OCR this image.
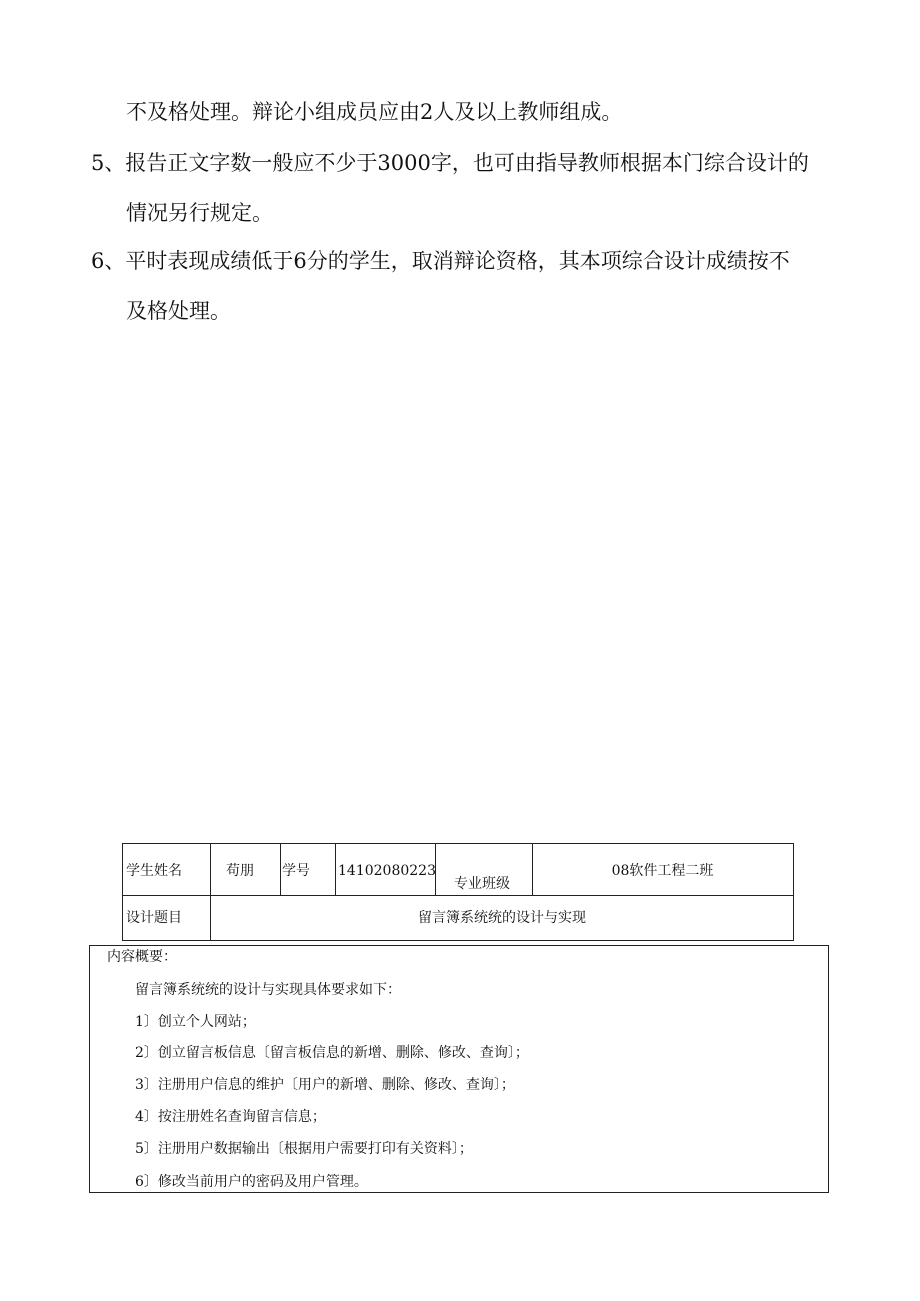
不及格处理。辩论小组成员应由2人及以上教师组成。
5、报告正文字数一般应不少于3000字，也可由指导教师根据本门综合设计的
情况另行规定。
6、平时表现成绩低于6分的学生，取消辩论资格，其本项综合设计成绩按不
及格处理。
学生姓名	苟朋 学号 14102080223
专业班级
08软件工程二班
设计题目	留言簿系统统的设计与实现
内容概要：
留言簿系统统的设计与实现具体要求如下：
1〕创立个人网站；
2〕创立留言板信息〔留言板信息的新增、删除、修改、查询〕；
3〕注册用户信息的维护〔用户的新增、删除、修改、查询〕；
4〕按注册姓名查询留言信息；
5〕注册用户数据输出〔根据用户需要打印有关资料〕；
6〕修改当前用户的密码及用户管理。
